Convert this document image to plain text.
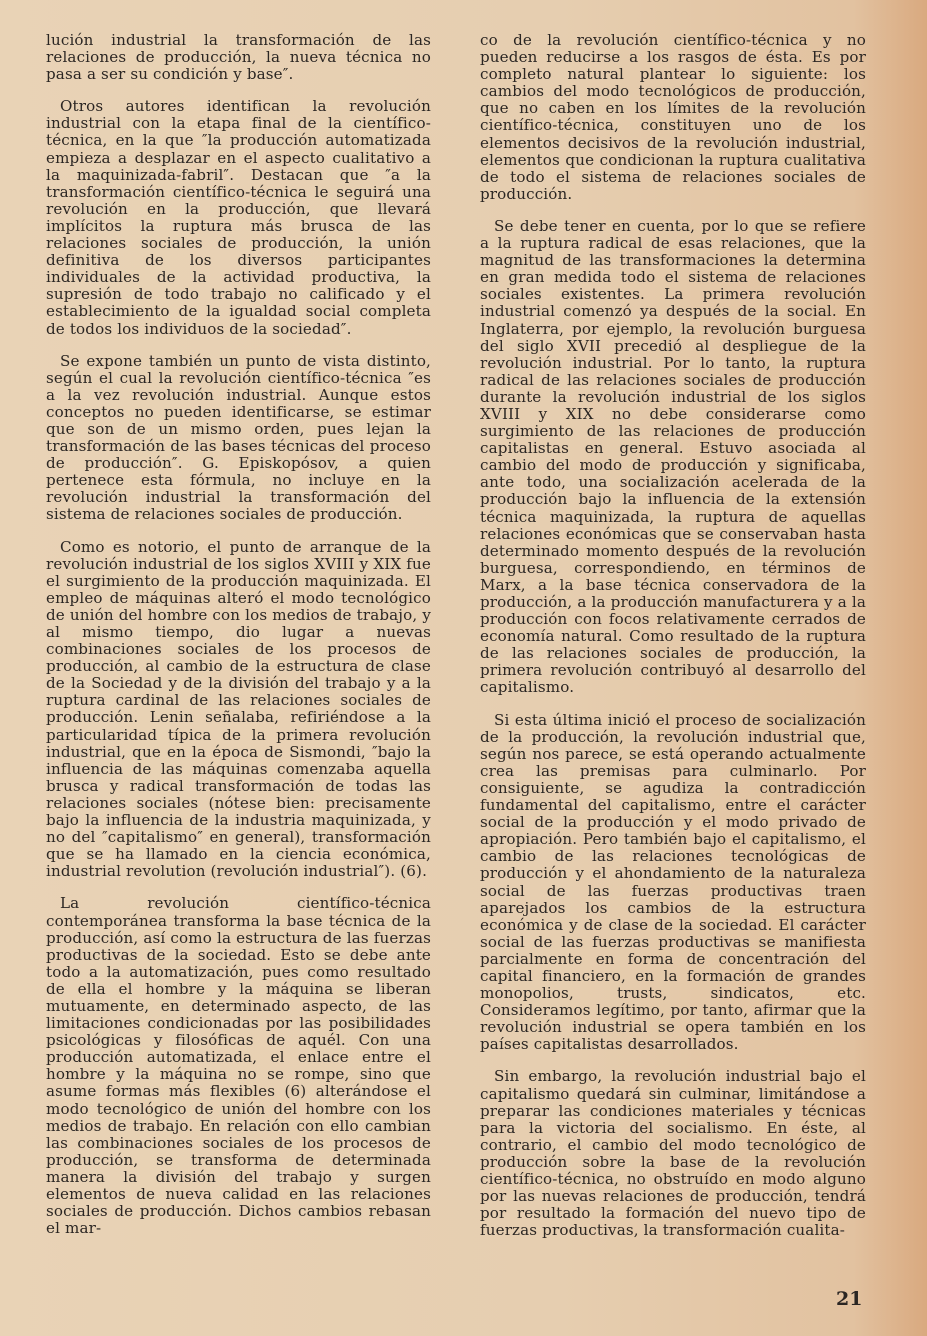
lución industrial la transformación de las relaciones de producción, la nueva técnica no pasa a ser su condición y base″.

Otros autores identifican la revolución industrial con la etapa final de la científico-técnica, en la que ″la producción automatizada empieza a desplazar en el aspecto cualitativo a la maquinizada-fabril″. Destacan que ″a la transformación científico-técnica le seguirá una revolución en la producción, que llevará implícitos la ruptura más brusca de las relaciones sociales de producción, la unión definitiva de los diversos participantes individuales de la actividad productiva, la supresión de todo trabajo no calificado y el establecimiento de la igualdad social completa de todos los individuos de la sociedad″.

Se expone también un punto de vista distinto, según el cual la revolución científico-técnica ″es a la vez revolución industrial. Aunque estos conceptos no pueden identificarse, se estimar que son de un mismo orden, pues lejan la transformación de las bases técnicas del proceso de producción″. G. Episkopósov, a quien pertenece esta fórmula, no incluye en la revolución industrial la transformación del sistema de relaciones sociales de producción.

Como es notorio, el punto de arranque de la revolución industrial de los siglos XVIII y XIX fue el surgimiento de la producción maquinizada. El empleo de máquinas alteró el modo tecnológico de unión del hombre con los medios de trabajo, y al mismo tiempo, dio lugar a nuevas combinaciones sociales de los procesos de producción, al cambio de la estructura de clase de la Sociedad y de la división del trabajo y a la ruptura cardinal de las relaciones sociales de producción. Lenin señalaba, refiriéndose a la particularidad típica de la primera revolución industrial, que en la época de Sismondi, ″bajo la influencia de las máquinas comenzaba aquella brusca y radical transformación de todas las relaciones sociales (nótese bien: precisamente bajo la influencia de la industria maquinizada, y no del ″capitalismo″ en general), transformación que se ha llamado en la ciencia económica, industrial revolution (revolución industrial″). (6).

La revolución científico-técnica contemporánea transforma la base técnica de la producción, así como la estructura de las fuerzas productivas de la sociedad. Esto se debe ante todo a la automatización, pues como resultado de ella el hombre y la máquina se liberan mutuamente, en determinado aspecto, de las limitaciones condicionadas por las posibilidades psicológicas y filosóficas de aquél. Con una producción automatizada, el enlace entre el hombre y la máquina no se rompe, sino que asume formas más flexibles (6) alterándose el modo tecnológico de unión del hombre con los medios de trabajo. En relación con ello cambian las combinaciones sociales de los procesos de producción, se transforma de determinada manera la división del trabajo y surgen elementos de nueva calidad en las relaciones sociales de producción. Dichos cambios rebasan el mar-

co de la revolución científico-técnica y no pueden reducirse a los rasgos de ésta. Es por completo natural plantear lo siguiente: los cambios del modo tecnológicos de producción, que no caben en los límites de la revolución científico-técnica, constituyen uno de los elementos decisivos de la revolución industrial, elementos que condicionan la ruptura cualitativa de todo el sistema de relaciones sociales de producción.

Se debe tener en cuenta, por lo que se refiere a la ruptura radical de esas relaciones, que la magnitud de las transformaciones la determina en gran medida todo el sistema de relaciones sociales existentes. La primera revolución industrial comenzó ya después de la social. En Inglaterra, por ejemplo, la revolución burguesa del siglo XVII precedió al despliegue de la revolución industrial. Por lo tanto, la ruptura radical de las relaciones sociales de producción durante la revolución industrial de los siglos XVIII y XIX no debe considerarse como surgimiento de las relaciones de producción capitalistas en general. Estuvo asociada al cambio del modo de producción y significaba, ante todo, una socialización acelerada de la producción bajo la influencia de la extensión técnica maquinizada, la ruptura de aquellas relaciones económicas que se conservaban hasta determinado momento después de la revolución burguesa, correspondiendo, en términos de Marx, a la base técnica conservadora de la producción, a la producción manufacturera y a la producción con focos relativamente cerrados de economía natural. Como resultado de la ruptura de las relaciones sociales de producción, la primera revolución contribuyó al desarrollo del capitalismo.

Si esta última inició el proceso de socialización de la producción, la revolución industrial que, según nos parece, se está operando actualmente crea las premisas para culminarlo. Por consiguiente, se agudiza la contradicción fundamental del capitalismo, entre el carácter social de la producción y el modo privado de apropiación. Pero también bajo el capitalismo, el cambio de las relaciones tecnológicas de producción y el ahondamiento de la naturaleza social de las fuerzas productivas traen aparejados los cambios de la estructura económica y de clase de la sociedad. El carácter social de las fuerzas productivas se manifiesta parcialmente en forma de concentración del capital financiero, en la formación de grandes monopolios, trusts, sindicatos, etc. Consideramos legítimo, por tanto, afirmar que la revolución industrial se opera también en los países capitalistas desarrollados.

Sin embargo, la revolución industrial bajo el capitalismo quedará sin culminar, limitándose a preparar las condiciones materiales y técnicas para la victoria del socialismo. En éste, al contrario, el cambio del modo tecnológico de producción sobre la base de la revolución científico-técnica, no obstruído en modo alguno por las nuevas relaciones de producción, tendrá por resultado la formación del nuevo tipo de fuerzas productivas, la transformación cualita-

21
